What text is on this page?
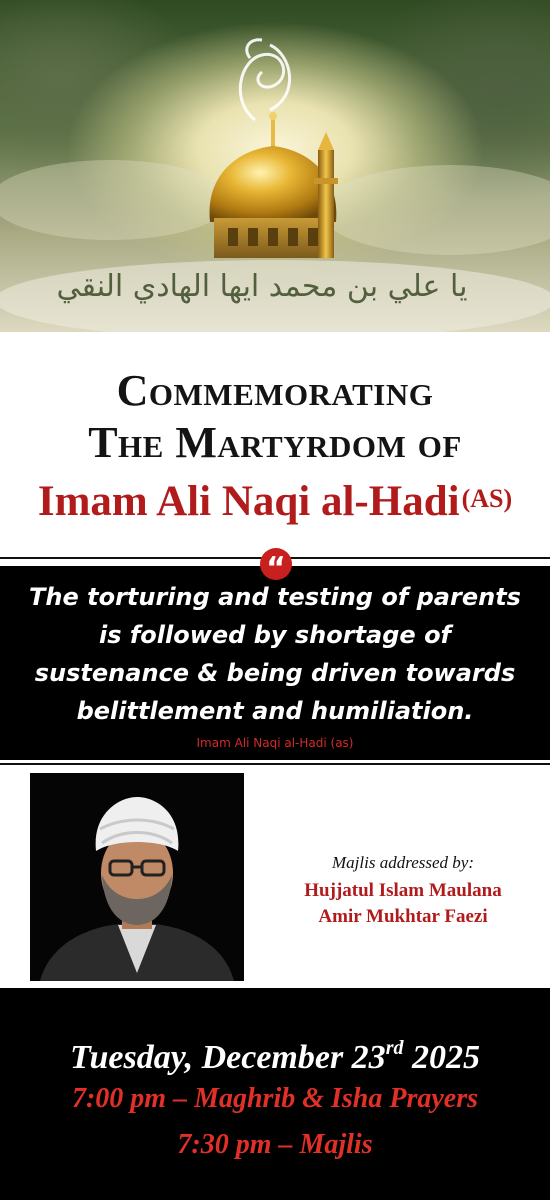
يا علي بن محمد ايها الهادي النقي
Commemorating
The Martyrdom of
Imam Ali Naqi al-Hadi(AS)
“
The torturing and testing of parents is followed by shortage of sustenance & being driven towards belittlement and humiliation.
Imam Ali Naqi al-Hadi (as)
Majlis addressed by:
Hujjatul Islam Maulana
Amir Mukhtar Faezi
Tuesday, December 23rd 2025
7:00 pm – Maghrib & Isha Prayers
7:30 pm – Majlis
